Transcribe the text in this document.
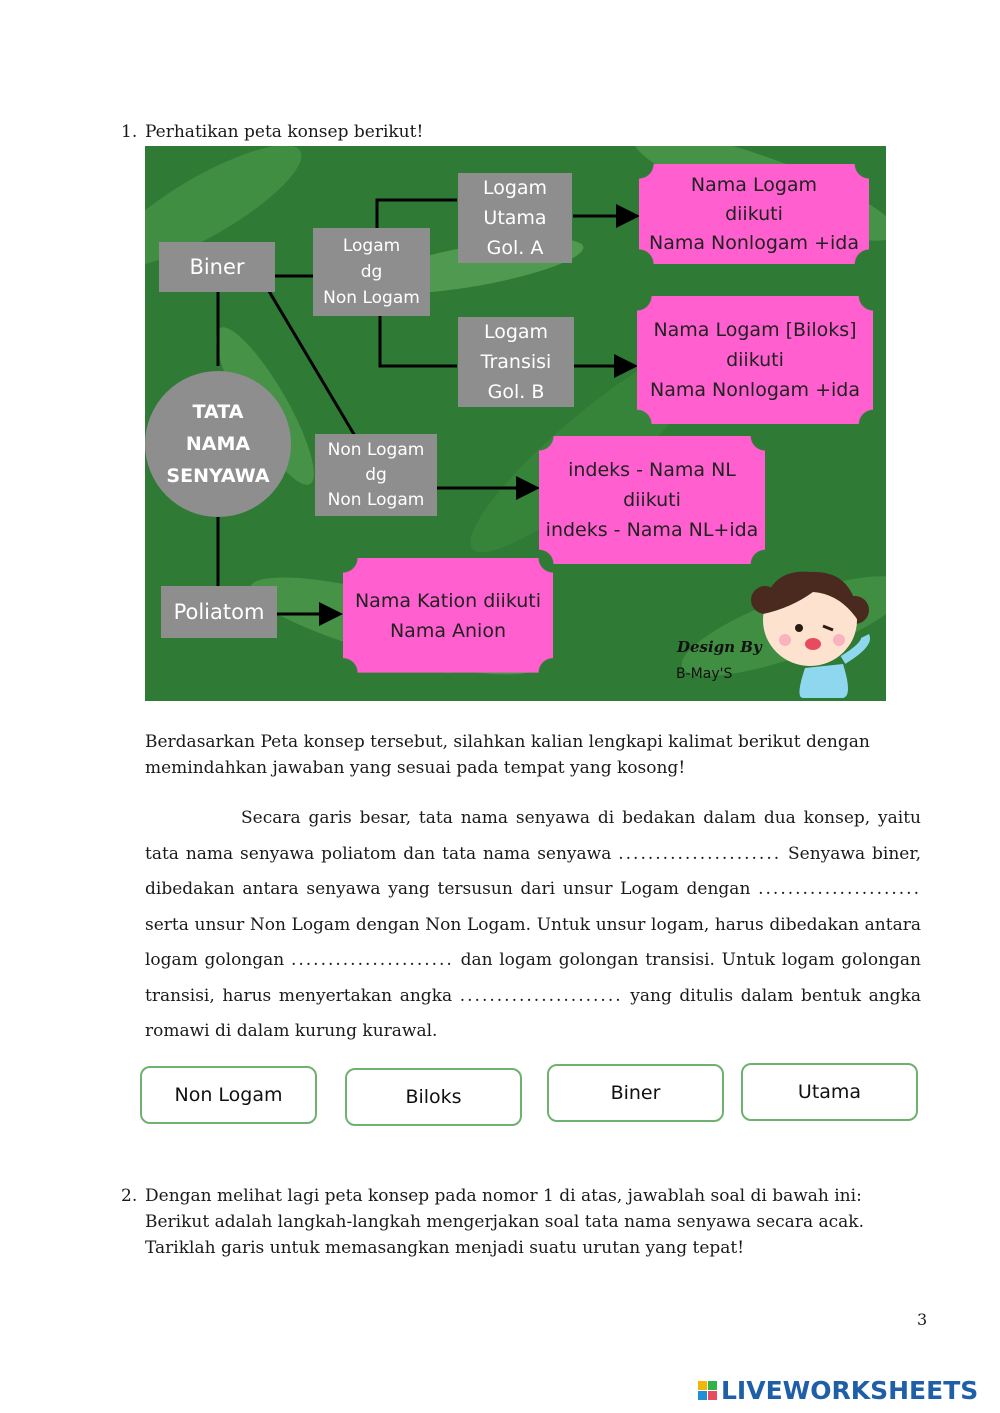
1. Perhatikan peta konsep berikut!
Biner
Logam
dg
Non Logam
Logam
Utama
Gol. A
Logam
Transisi
Gol. B
TATA
NAMA
SENYAWA
Non Logam
dg
Non Logam
Poliatom
Nama Logam
diikuti
Nama Nonlogam +ida
Nama Logam [Biloks]
diikuti
Nama Nonlogam +ida
indeks - Nama NL
diikuti
indeks - Nama NL+ida
Nama Kation diikuti
Nama Anion
Design By
B-May'S
Berdasarkan Peta konsep tersebut, silahkan kalian lengkapi kalimat berikut dengan
memindahkan jawaban yang sesuai pada tempat yang kosong!
Secara garis besar, tata nama senyawa di bedakan dalam dua konsep, yaitu tata nama senyawa poliatom dan tata nama senyawa ...................... Senyawa biner, dibedakan antara senyawa yang tersusun dari unsur Logam dengan ...................... serta unsur Non Logam dengan Non Logam. Untuk unsur logam, harus dibedakan antara logam golongan ...................... dan logam golongan transisi. Untuk logam golongan transisi, harus menyertakan angka ...................... yang ditulis dalam bentuk angka romawi di dalam kurung kurawal.
Non Logam	Biloks	Biner	Utama
2. Dengan melihat lagi peta konsep pada nomor 1 di atas, jawablah soal di bawah ini:
Berikut adalah langkah-langkah mengerjakan soal tata nama senyawa secara acak.
Tariklah garis untuk memasangkan menjadi suatu urutan yang tepat!
3
LIVEWORKSHEETS
